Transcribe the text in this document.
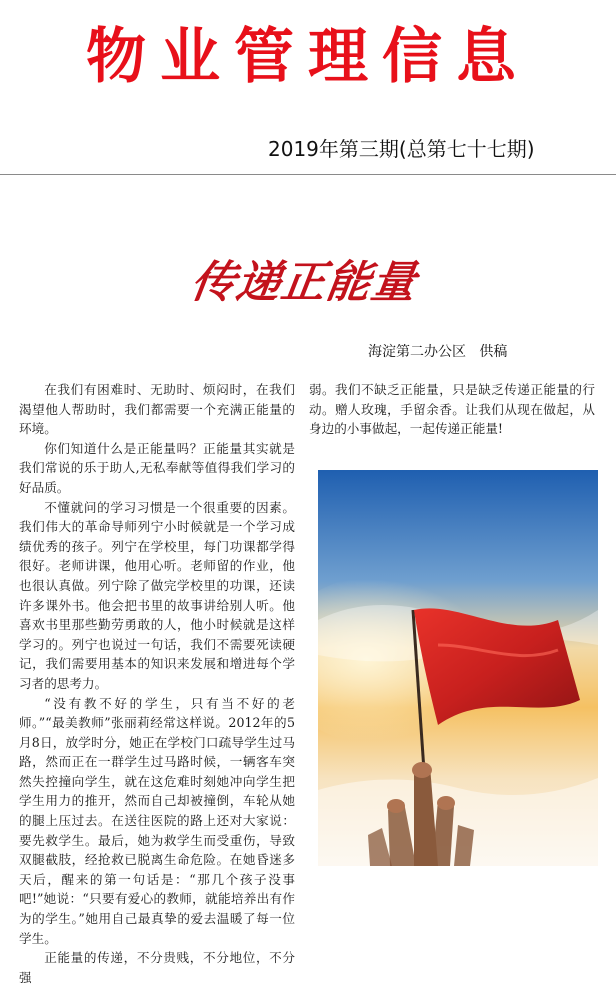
物业管理信息
2019年第三期(总第七十七期)
传递正能量
海淀第二办公区   供稿

在我们有困难时、无助时、烦闷时，在我们渴望他人帮助时，我们都需要一个充满正能量的环境。

你们知道什么是正能量吗？正能量其实就是我们常说的乐于助人,无私奉献等值得我们学习的好品质。

不懂就问的学习习惯是一个很重要的因素。我们伟大的革命导师列宁小时候就是一个学习成绩优秀的孩子。列宁在学校里，每门功课都学得很好。老师讲课，他用心听。老师留的作业，他也很认真做。列宁除了做完学校里的功课，还读许多课外书。他会把书里的故事讲给别人听。他喜欢书里那些勤劳勇敢的人，他小时候就是这样学习的。列宁也说过一句话，我们不需要死读硬记，我们需要用基本的知识来发展和增进每个学习者的思考力。

“没有教不好的学生，只有当不好的老师。”“最美教师”张丽莉经常这样说。2012年的5月8日，放学时分，她正在学校门口疏导学生过马路，然而正在一群学生过马路时候，一辆客车突然失控撞向学生，就在这危难时刻她冲向学生把学生用力的推开，然而自己却被撞倒，车轮从她的腿上压过去。在送往医院的路上还对大家说：要先救学生。最后，她为救学生而受重伤，导致双腿截肢，经抢救已脱离生命危险。在她昏迷多天后，醒来的第一句话是：“那几个孩子没事吧!”她说：“只要有爱心的教师，就能培养出有作为的学生。”她用自己最真挚的爱去温暖了每一位学生。

正能量的传递，不分贵贱，不分地位，不分强

弱。我们不缺乏正能量，只是缺乏传递正能量的行动。赠人玫瑰，手留余香。让我们从现在做起，从身边的小事做起，一起传递正能量!
